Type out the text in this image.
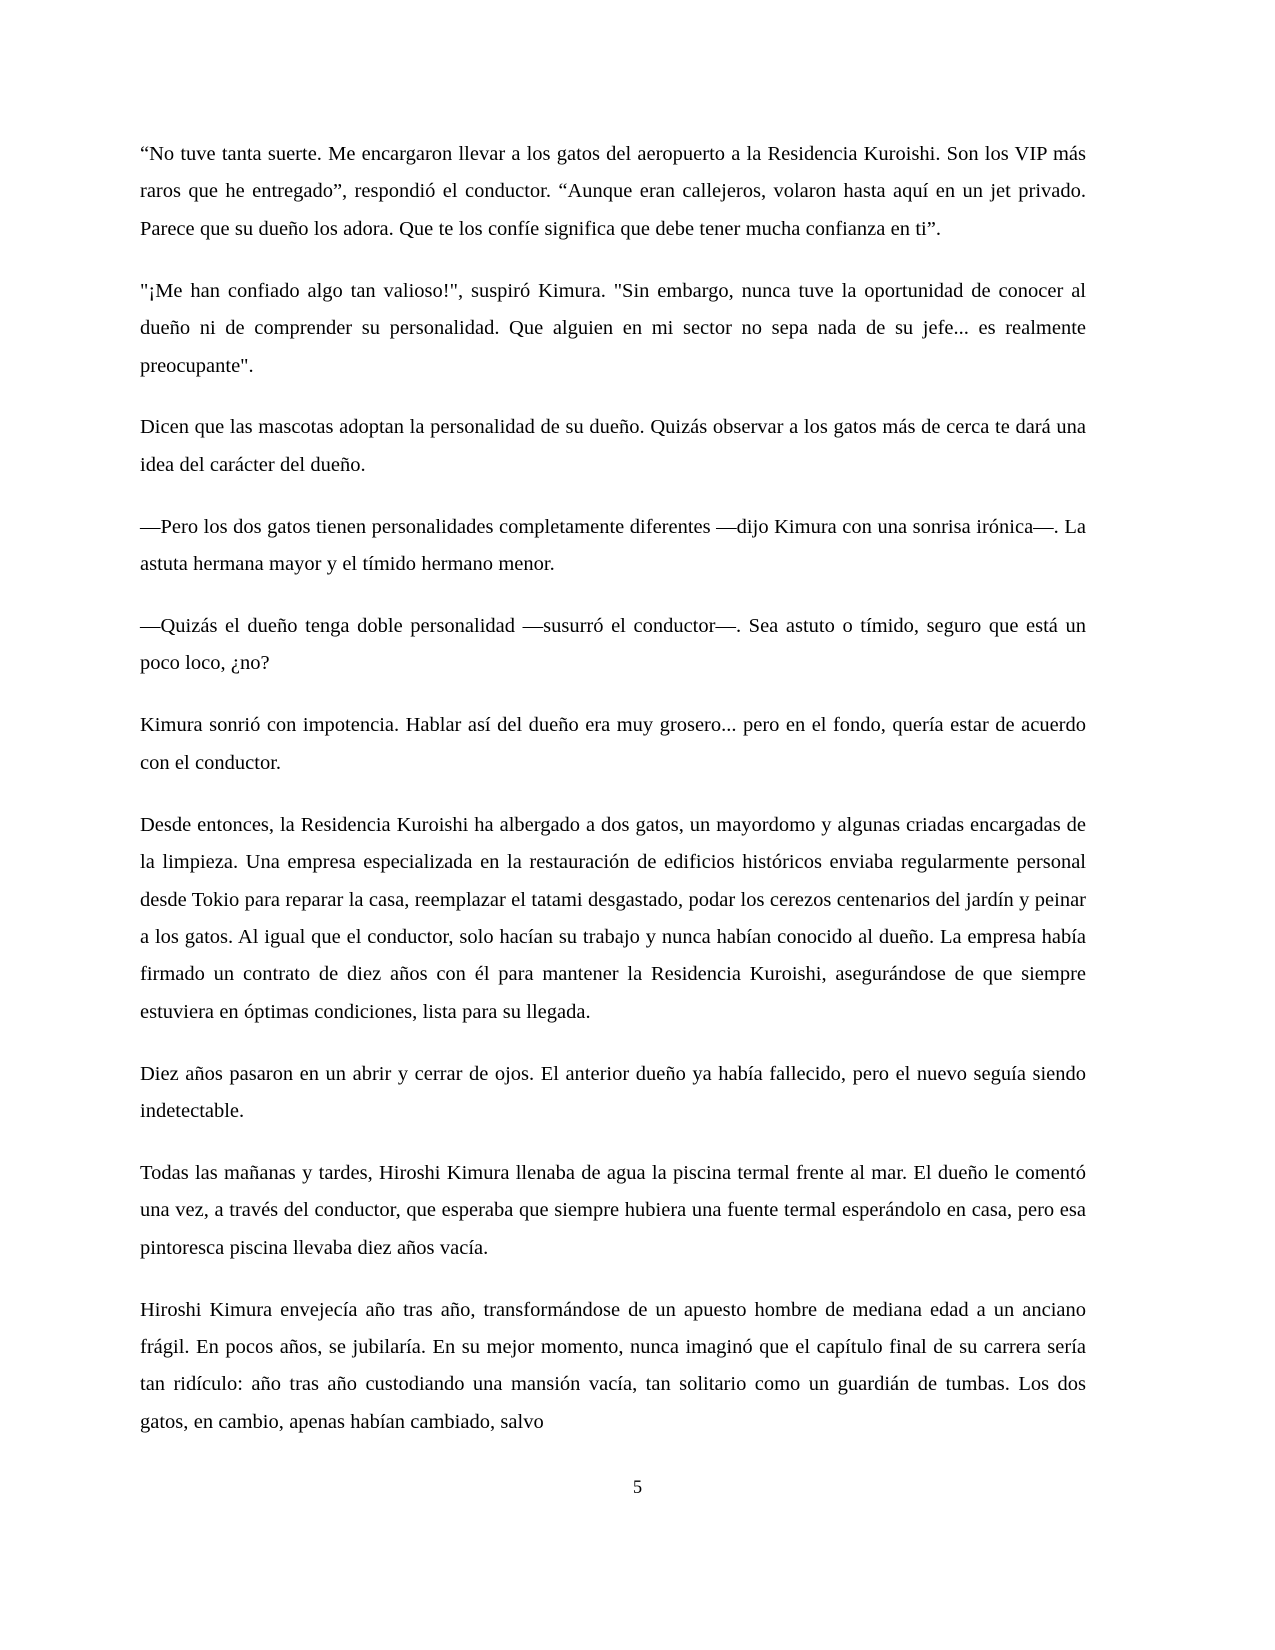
“No tuve tanta suerte. Me encargaron llevar a los gatos del aeropuerto a la Residencia Kuroishi. Son los VIP más raros que he entregado”, respondió el conductor. “Aunque eran callejeros, volaron hasta aquí en un jet privado. Parece que su dueño los adora. Que te los confíe significa que debe tener mucha confianza en ti”.

"¡Me han confiado algo tan valioso!", suspiró Kimura. "Sin embargo, nunca tuve la oportunidad de conocer al dueño ni de comprender su personalidad. Que alguien en mi sector no sepa nada de su jefe... es realmente preocupante".

Dicen que las mascotas adoptan la personalidad de su dueño. Quizás observar a los gatos más de cerca te dará una idea del carácter del dueño.

—Pero los dos gatos tienen personalidades completamente diferentes —dijo Kimura con una sonrisa irónica—. La astuta hermana mayor y el tímido hermano menor.

—Quizás el dueño tenga doble personalidad —susurró el conductor—. Sea astuto o tímido, seguro que está un poco loco, ¿no?

Kimura sonrió con impotencia. Hablar así del dueño era muy grosero... pero en el fondo, quería estar de acuerdo con el conductor.

Desde entonces, la Residencia Kuroishi ha albergado a dos gatos, un mayordomo y algunas criadas encargadas de la limpieza. Una empresa especializada en la restauración de edificios históricos enviaba regularmente personal desde Tokio para reparar la casa, reemplazar el tatami desgastado, podar los cerezos centenarios del jardín y peinar a los gatos. Al igual que el conductor, solo hacían su trabajo y nunca habían conocido al dueño. La empresa había firmado un contrato de diez años con él para mantener la Residencia Kuroishi, asegurándose de que siempre estuviera en óptimas condiciones, lista para su llegada.

Diez años pasaron en un abrir y cerrar de ojos. El anterior dueño ya había fallecido, pero el nuevo seguía siendo indetectable.

Todas las mañanas y tardes, Hiroshi Kimura llenaba de agua la piscina termal frente al mar. El dueño le comentó una vez, a través del conductor, que esperaba que siempre hubiera una fuente termal esperándolo en casa, pero esa pintoresca piscina llevaba diez años vacía.

Hiroshi Kimura envejecía año tras año, transformándose de un apuesto hombre de mediana edad a un anciano frágil. En pocos años, se jubilaría. En su mejor momento, nunca imaginó que el capítulo final de su carrera sería tan ridículo: año tras año custodiando una mansión vacía, tan solitario como un guardián de tumbas. Los dos gatos, en cambio, apenas habían cambiado, salvo

5
